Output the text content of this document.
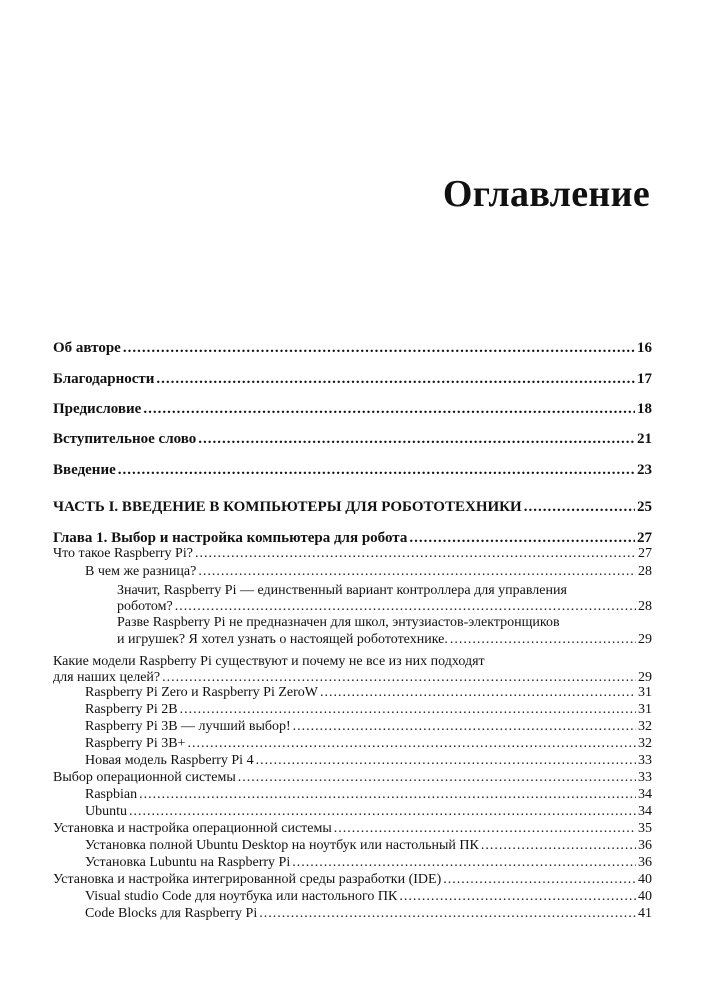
Оглавление
Об авторе .....	16
Благодарности .....	17
Предисловие .....	18
Вступительное слово .....	21
Введение .....	23
ЧАСТЬ I. ВВЕДЕНИЕ В КОМПЬЮТЕРЫ ДЛЯ РОБОТОТЕХНИКИ .....	25
Глава 1. Выбор и настройка компьютера для робота .....	27
Что такое Raspberry Pi? .....	27
В чем же разница? .....	28
Значит, Raspberry Pi — единственный вариант контроллера для управления
роботом? .....	28
Разве Raspberry Pi не предназначен для школ, энтузиастов-электронщиков
и игрушек? Я хотел узнать о настоящей робототехнике. .....	29
Какие модели Raspberry Pi существуют и почему не все из них подходят
для наших целей? .....	29
Raspberry Pi Zero и Raspberry Pi ZeroW .....	31
Raspberry Pi 2B .....	31
Raspberry Pi 3B — лучший выбор! .....	32
Raspberry Pi 3B+ .....	32
Новая модель Raspberry Pi 4 .....	33
Выбор операционной системы .....	33
Raspbian .....	34
Ubuntu .....	34
Установка и настройка операционной системы .....	35
Установка полной Ubuntu Desktop на ноутбук или настольный ПК .....	36
Установка Lubuntu на Raspberry Pi .....	36
Установка и настройка интегрированной среды разработки (IDE) .....	40
Visual studio Code для ноутбука или настольного ПК .....	40
Code Blocks для Raspberry Pi .....	41
